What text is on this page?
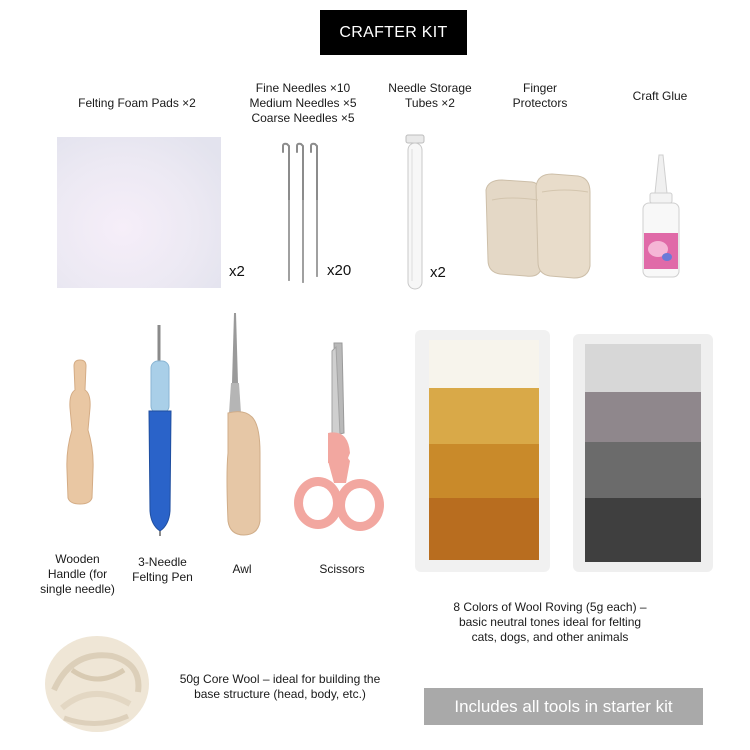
CRAFTER KIT
Felting Foam Pads ×2
Fine Needles ×10
Medium Needles ×5
Coarse Needles ×5
Needle Storage
Tubes ×2
Finger
Protectors	Craft Glue
x2	x20	x2
Wooden
Handle (for
single needle)
3-Needle
Felting Pen
Awl	Scissors
8 Colors of Wool Roving (5g each) –
basic neutral tones ideal for felting
cats, dogs, and other animals
50g Core Wool – ideal for building the
base structure (head, body, etc.)
Includes all tools in starter kit
